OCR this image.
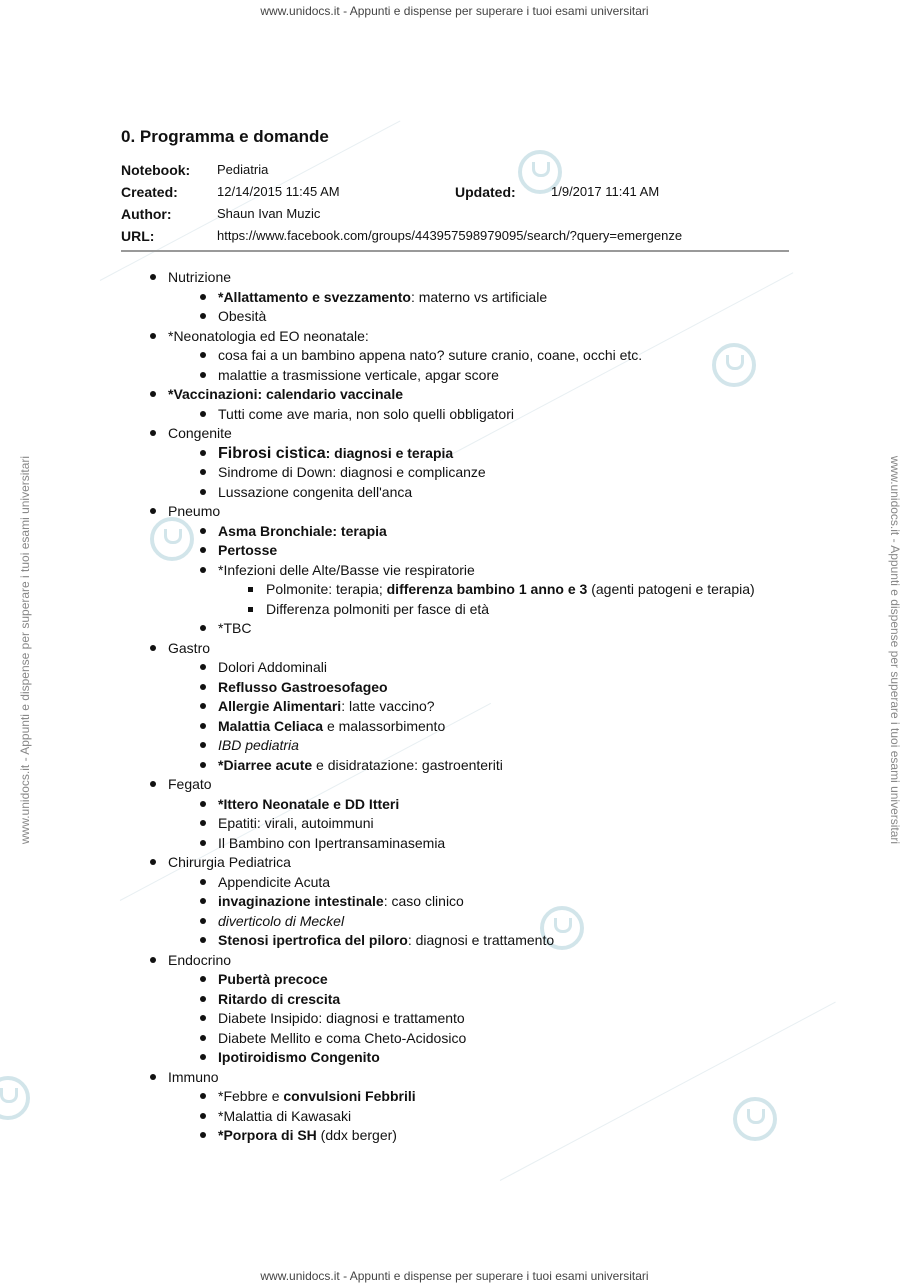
www.unidocs.it - Appunti e dispense per superare i tuoi esami universitari
www.unidocs.it - Appunti e dispense per superare i tuoi esami universitari
www.unidocs.it - Appunti e dispense per superare i tuoi esami universitari	www.unidocs.it - Appunti e dispense per superare i tuoi esami universitari
0. Programma e domande
Notebook: Pediatria
Created:	12/14/2015 11:45 AM	Updated:	1/9/2017 11:41 AM
Author:	Shaun Ivan Muzic
URL:	https://www.facebook.com/groups/443957598979095/search/?query=emergenze
Nutrizione
*Allattamento e svezzamento: materno vs artificiale
Obesità
*Neonatologia ed EO neonatale:
cosa fai a un bambino appena nato? suture cranio, coane, occhi etc.
malattie a trasmissione verticale, apgar score
*Vaccinazioni: calendario vaccinale
Tutti come ave maria, non solo quelli obbligatori
Congenite
Fibrosi cistica: diagnosi e terapia
Sindrome di Down: diagnosi e complicanze
Lussazione congenita dell'anca
Pneumo
Asma Bronchiale: terapia
Pertosse
*Infezioni delle Alte/Basse vie respiratorie
Polmonite: terapia; differenza bambino 1 anno e 3 (agenti patogeni e terapia)
Differenza polmoniti per fasce di età
*TBC
Gastro
Dolori Addominali
Reflusso Gastroesofageo
Allergie Alimentari: latte vaccino?
Malattia Celiaca e malassorbimento
IBD pediatria
*Diarree acute e disidratazione: gastroenteriti
Fegato
*Ittero Neonatale e DD Itteri
Epatiti: virali, autoimmuni
Il Bambino con Ipertransaminasemia
Chirurgia Pediatrica
Appendicite Acuta
invaginazione intestinale: caso clinico
diverticolo di Meckel
Stenosi ipertrofica del piloro: diagnosi e trattamento
Endocrino
Pubertà precoce
Ritardo di crescita
Diabete Insipido: diagnosi e trattamento
Diabete Mellito e coma Cheto-Acidosico
Ipotiroidismo Congenito
Immuno
*Febbre e convulsioni Febbrili
*Malattia di Kawasaki
*Porpora di SH (ddx berger)
